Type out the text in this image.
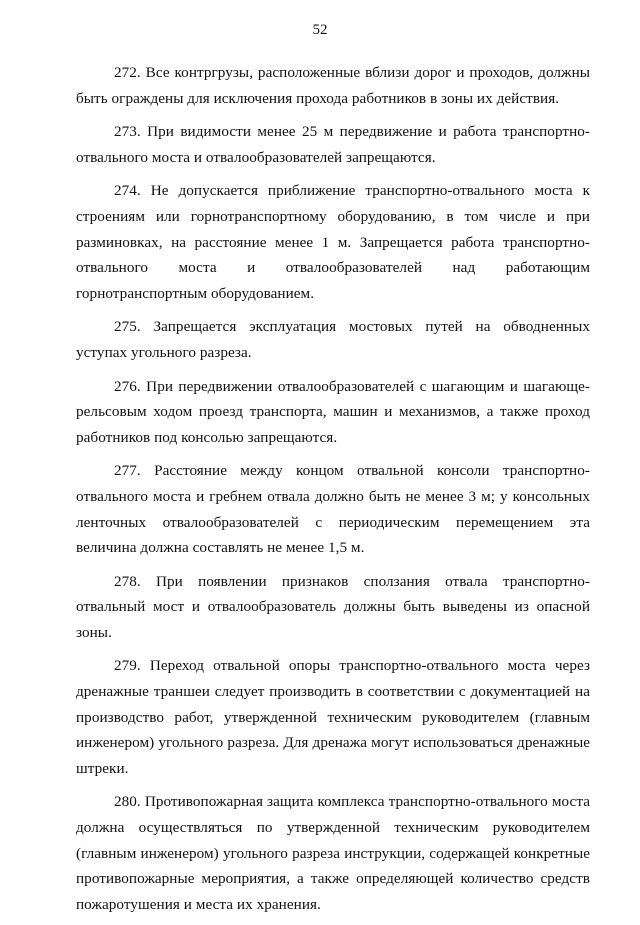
52

272. Все контргрузы, расположенные вблизи дорог и проходов, должны быть ограждены для исключения прохода работников в зоны их действия.

273. При видимости менее 25 м передвижение и работа транспортно-отвального моста и отвалообразователей запрещаются.

274. Не допускается приближение транспортно-отвального моста к строениям или горнотранспортному оборудованию, в том числе и при разминовках, на расстояние менее 1 м. Запрещается работа транспортно-отвального моста и отвалообразователей над работающим горнотранспортным оборудованием.

275. Запрещается эксплуатация мостовых путей на обводненных уступах угольного разреза.

276. При передвижении отвалообразователей с шагающим и шагающе-рельсовым ходом проезд транспорта, машин и механизмов, а также проход работников под консолью запрещаются.

277. Расстояние между концом отвальной консоли транспортно-отвального моста и гребнем отвала должно быть не менее 3 м; у консольных ленточных отвалообразователей с периодическим перемещением эта величина должна составлять не менее 1,5 м.

278. При появлении признаков сползания отвала транспортно-отвальный мост и отвалообразователь должны быть выведены из опасной зоны.

279. Переход отвальной опоры транспортно-отвального моста через дренажные траншеи следует производить в соответствии с документацией на производство работ, утвержденной техническим руководителем (главным инженером) угольного разреза. Для дренажа могут использоваться дренажные штреки.

280. Противопожарная защита комплекса транспортно-отвального моста должна осуществляться по утвержденной техническим руководителем (главным инженером) угольного разреза инструкции, содержащей конкретные противопожарные мероприятия, а также определяющей количество средств пожаротушения и места их хранения.
